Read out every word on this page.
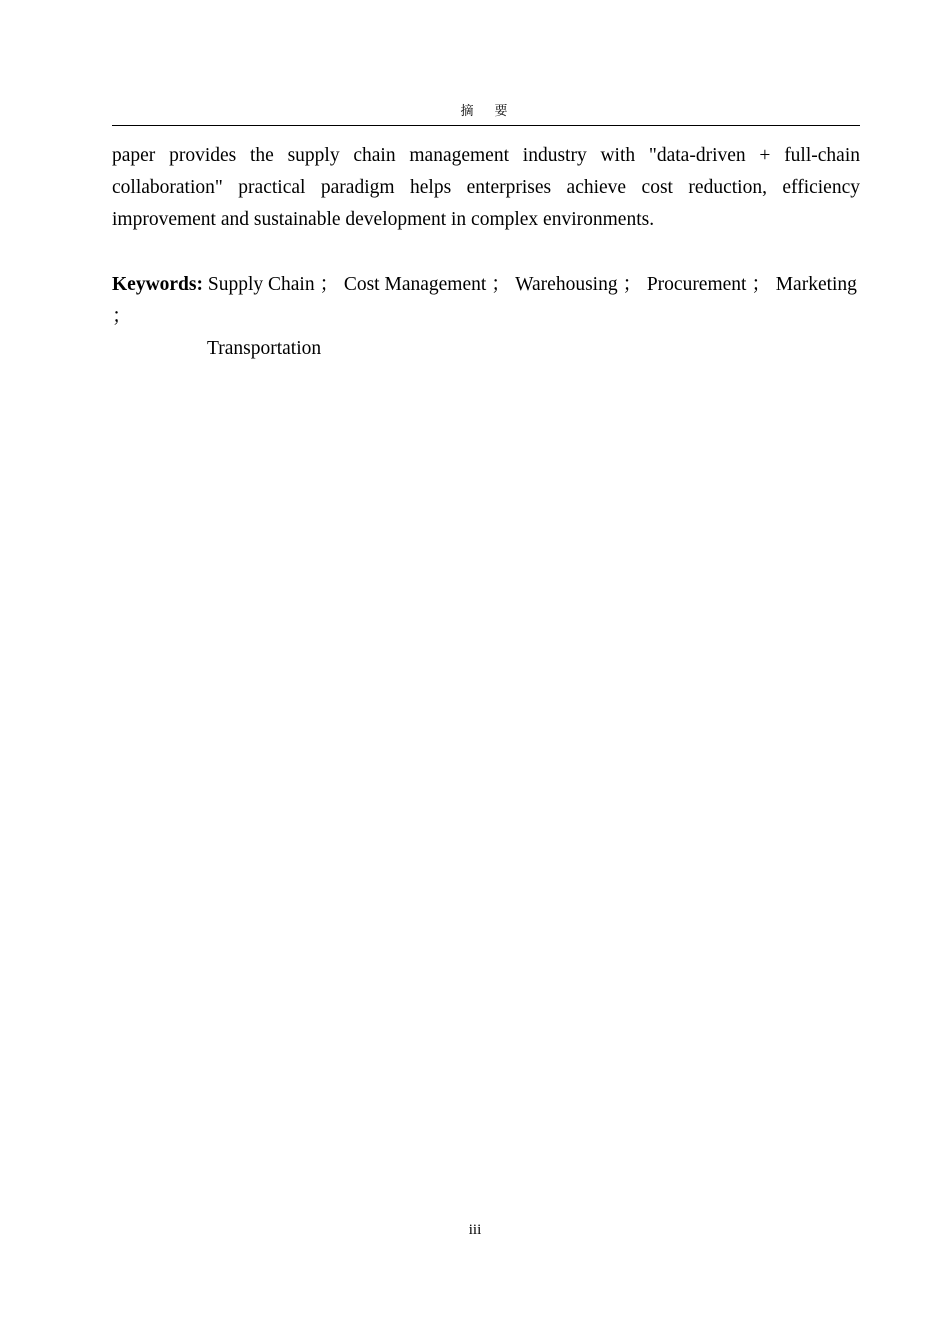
摘　要

paper provides the supply chain management industry with "data-driven + full-chain collaboration" practical paradigm helps enterprises achieve cost reduction, efficiency

improvement and sustainable development in complex environments.

Keywords: Supply Chain ； Cost Management ； Warehousing ； Procurement ； Marketing ；
Transportation
iii
